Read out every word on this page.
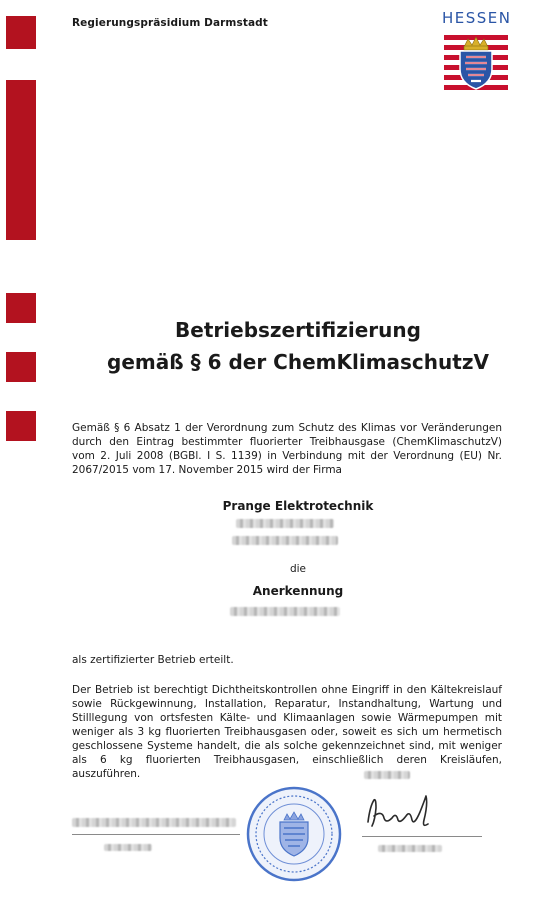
Regierungspräsidium Darmstadt	HESSEN
Betriebszertifizierung
gemäß § 6 der ChemKlimaschutzV
Gemäß § 6 Absatz 1 der Verordnung zum Schutz des Klimas vor Veränderungen durch den Eintrag bestimmter fluorierter Treibhausgase (ChemKlimaschutzV) vom 2. Juli 2008 (BGBl. I S. 1139) in Verbindung mit der Verordnung (EU) Nr. 2067/2015 vom 17. November 2015 wird der Firma
Prange Elektrotechnik
die
Anerkennung
als zertifizierter Betrieb erteilt.
Der Betrieb ist berechtigt Dichtheitskontrollen ohne Eingriff in den Kältekreislauf sowie Rückgewinnung, Installation, Reparatur, Instandhaltung, Wartung und Stilllegung von ortsfesten Kälte- und Klimaanlagen sowie Wärmepumpen mit weniger als 3 kg fluorierten Treibhausgasen oder, soweit es sich um hermetisch geschlossene Systeme handelt, die als solche gekennzeichnet sind, mit weniger als 6 kg fluorierten Treibhausgasen, einschließlich deren Kreisläufen, auszuführen.
